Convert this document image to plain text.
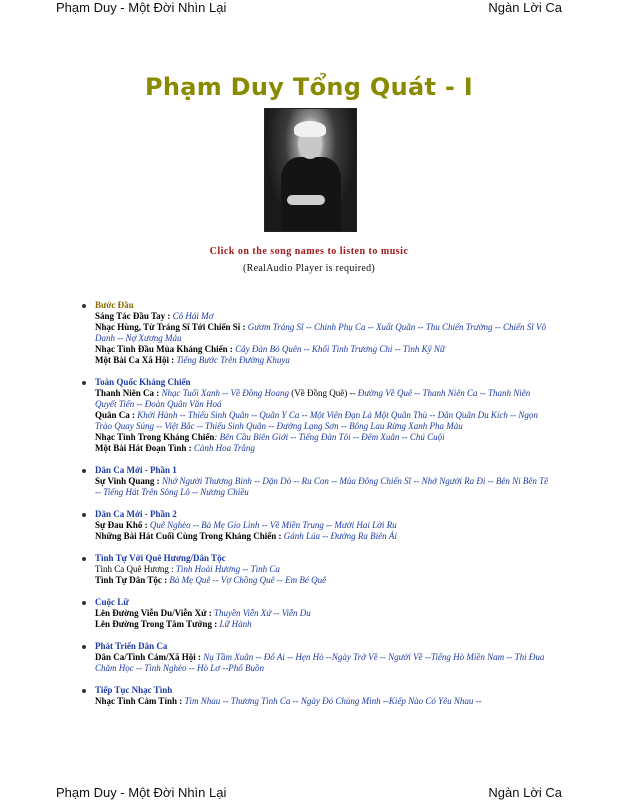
Phạm Duy - Một Đời Nhìn Lại	Ngàn Lời Ca
Phạm Duy Tổng Quát - I
Click on the song names to listen to music
(RealAudio Player is required)
Bước Đầu
Sáng Tác Đầu Tay : Cô Hái Mơ
Nhạc Hùng, Từ Tráng Sĩ Tới Chiến Sĩ : Gươm Tráng Sĩ -- Chinh Phụ Ca -- Xuất Quân -- Thu Chiến Trường -- Chiến Sĩ Vô Danh -- Nợ Xương Máu
Nhạc Tình Đầu Mùa Kháng Chiến : Cây Đàn Bỏ Quên -- Khối Tình Trương Chi -- Tình Kỹ Nữ
Một Bài Ca Xã Hội : Tiếng Bước Trên Đường Khuya
Toàn Quốc Kháng Chiến
Thanh Niên Ca : Nhạc Tuổi Xanh -- Về Đồng Hoang (Về Đồng Quê) -- Đường Về Quê -- Thanh Niên Ca -- Thanh Niên Quyết Tiến -- Đoàn Quân Văn Hoá
Quân Ca : Khởi Hành -- Thiếu Sinh Quân -- Quân Y Ca -- Một Viên Đạn Là Một Quân Thù -- Dân Quân Du Kích -- Ngọn Trào Quay Súng -- Việt Bắc -- Thiếu Sinh Quân -- Đường Lạng Sơn -- Bông Lau Rừng Xanh Pha Màu
Nhạc Tình Trong Kháng Chiến: Bên Cầu Biên Giới -- Tiếng Đàn Tôi -- Đêm Xuân -- Chú Cuội
Một Bài Hát Đoạn Tình : Cành Hoa Trắng
Dân Ca Mới - Phần 1
Sự Vinh Quang : Nhớ Người Thương Binh -- Dặn Dò -- Ru Con -- Mùa Đông Chiến Sĩ -- Nhớ Người Ra Đi -- Bên Ni Bên Tê -- Tiếng Hát Trên Sông Lô -- Nương Chiều
Dân Ca Mới - Phần 2
Sự Đau Khổ : Quê Nghèo -- Bà Mẹ Gio Linh -- Về Miền Trung -- Mười Hai Lời Ru
Những Bài Hát Cuối Cùng Trong Kháng Chiến : Gánh Lúa -- Đường Ra Biên Ải
Tình Tự Với Quê Hương/Dân Tộc
Tình Ca Quê Hương : Tình Hoài Hương -- Tình Ca
Tình Tự Dân Tộc : Bà Mẹ Quê -- Vợ Chồng Quê -- Em Bé Quê
Cuộc Lữ
Lên Đường Viễn Du/Viễn Xứ : Thuyền Viễn Xứ -- Viễn Du
Lên Đường Trong Tâm Tưởng : Lữ Hành
Phát Triển Dân Ca
Dân Ca/Tình Cảm/Xã Hội : Nụ Tầm Xuân -- Đố Ai -- Hẹn Hò --Ngày Trở Về -- Người Về --Tiếng Hò Miền Nam -- Thi Đua Chăm Học -- Tình Nghèo -- Hò Lơ --Phố Buồn
Tiếp Tục Nhạc Tình
Nhạc Tình Cảm Tính : Tìm Nhau -- Thương Tình Ca -- Ngày Đó Chúng Mình --Kiếp Nào Có Yêu Nhau --
Phạm Duy - Một Đời Nhìn Lại	Ngàn Lời Ca
